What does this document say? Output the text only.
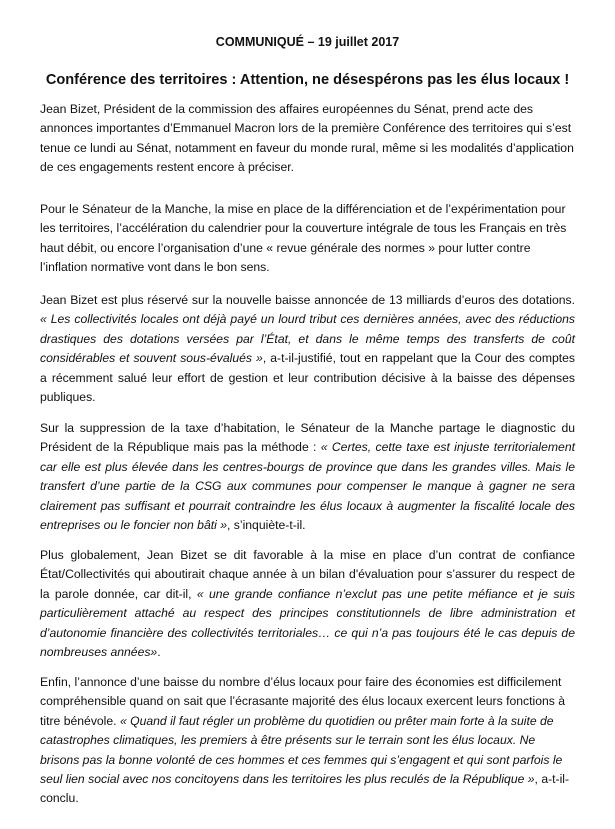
COMMUNIQUÉ – 19 juillet 2017
Conférence des territoires : Attention, ne désespérons pas les élus locaux !

Jean Bizet, Président de la commission des affaires européennes du Sénat, prend acte des annonces importantes d’Emmanuel Macron lors de la première Conférence des territoires qui s’est tenue ce lundi au Sénat, notamment en faveur du monde rural, même si les modalités d’application de ces engagements restent encore à préciser.

Pour le Sénateur de la Manche, la mise en place de la différenciation et de l’expérimentation pour les territoires, l’accélération du calendrier pour la couverture intégrale de tous les Français en très haut débit, ou encore l’organisation d’une « revue générale des normes » pour lutter contre l’inflation normative vont dans le bon sens.

Jean Bizet est plus réservé sur la nouvelle baisse annoncée de 13 milliards d’euros des dotations. « Les collectivités locales ont déjà payé un lourd tribut ces dernières années, avec des réductions drastiques des dotations versées par l’État, et dans le même temps des transferts de coût considérables et souvent sous-évalués », a-t-il-justifié, tout en rappelant que la Cour des comptes a récemment salué leur effort de gestion et leur contribution décisive à la baisse des dépenses publiques.

Sur la suppression de la taxe d’habitation, le Sénateur de la Manche partage le diagnostic du Président de la République mais pas la méthode : « Certes, cette taxe est injuste territorialement car elle est plus élevée dans les centres-bourgs de province que dans les grandes villes. Mais le transfert d’une partie de la CSG aux communes pour compenser le manque à gagner ne sera clairement pas suffisant et pourrait contraindre les élus locaux à augmenter la fiscalité locale des entreprises ou le foncier non bâti », s’inquiète-t-il.

Plus globalement, Jean Bizet se dit favorable à la mise en place d’un contrat de confiance État/Collectivités qui aboutirait chaque année à un bilan d'évaluation pour s’assurer du respect de la parole donnée, car dit-il, « une grande confiance n’exclut pas une petite méfiance et je suis particulièrement attaché au respect des principes constitutionnels de libre administration et d’autonomie financière des collectivités territoriales… ce qui n’a pas toujours été le cas depuis de nombreuses années».

Enfin, l’annonce d’une baisse du nombre d’élus locaux pour faire des économies est difficilement compréhensible quand on sait que l’écrasante majorité des élus locaux exercent leurs fonctions à titre bénévole. « Quand il faut régler un problème du quotidien ou prêter main forte à la suite de catastrophes climatiques, les premiers à être présents sur le terrain sont les élus locaux. Ne brisons pas la bonne volonté de ces hommes et ces femmes qui s’engagent et qui sont parfois le seul lien social avec nos concitoyens dans les territoires les plus reculés de la République », a-t-il-conclu.
